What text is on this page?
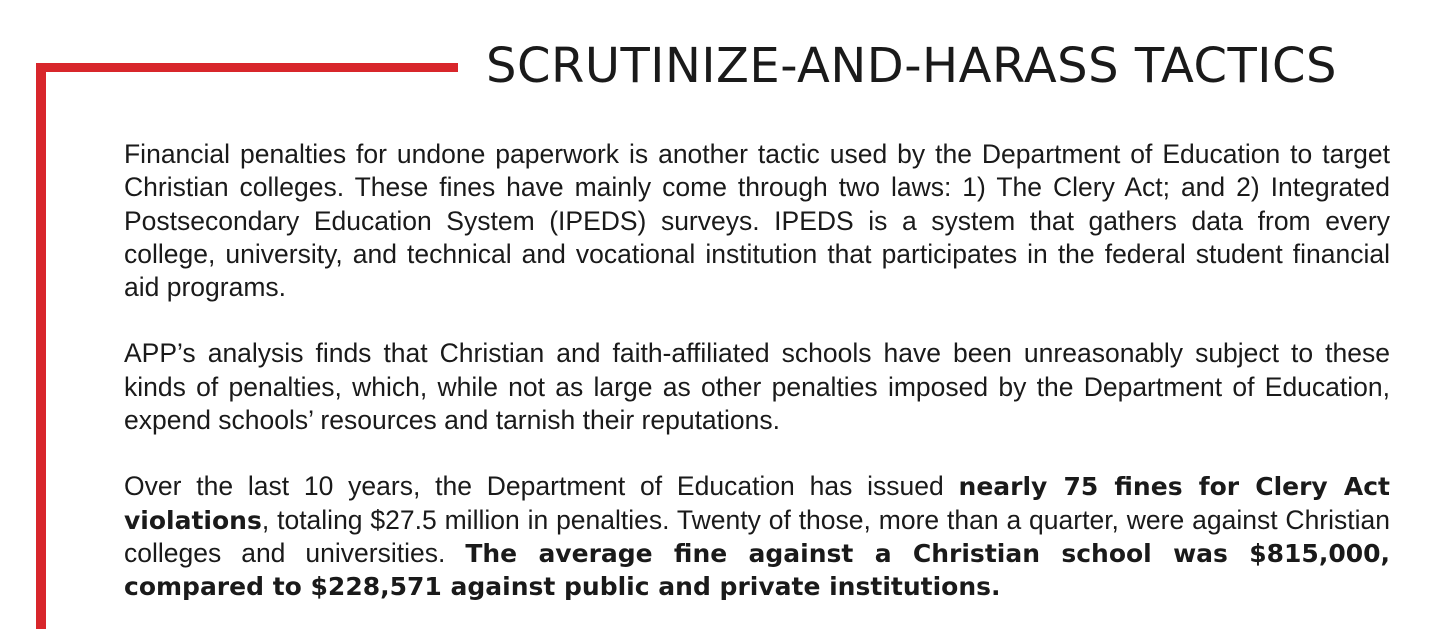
SCRUTINIZE-AND-HARASS TACTICS

Financial penalties for undone paperwork is another tactic used by the Department of Education to target Christian colleges. These fines have mainly come through two laws: 1) The Clery Act; and 2) Integrated Postsecondary Education System (IPEDS) surveys. IPEDS is a system that gathers data from every college, university, and technical and vocational institution that participates in the federal student financial aid programs.

APP’s analysis finds that Christian and faith-affiliated schools have been unreasonably subject to these kinds of penalties, which, while not as large as other penalties imposed by the Department of Education, expend schools’ resources and tarnish their reputations.

Over the last 10 years, the Department of Education has issued nearly 75 fines for Clery Act violations, totaling $27.5 million in penalties. Twenty of those, more than a quarter, were against Christian colleges and universities. The average fine against a Christian school was $815,000, compared to $228,571 against public and private institutions.
